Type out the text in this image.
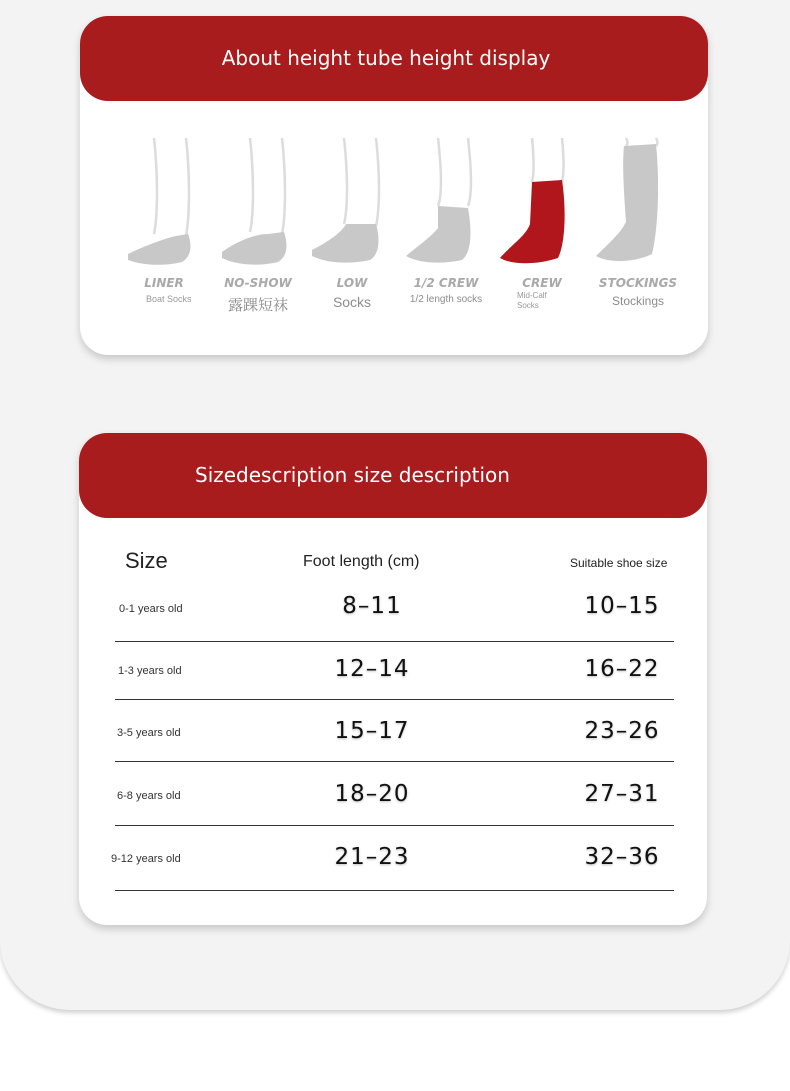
About height tube height display
LINER
Boat Socks
NO-SHOW
露踝短袜
LOW
Socks
1/2 CREW
1/2 length socks
CREW
Mid-Calf Socks
STOCKINGS
Stockings
Sizedescription size description
Size	Foot length (cm)	Suitable shoe size
0-1 years old	8–11	10–15
1-3 years old	12–14	16–22
3-5 years old	15–17	23–26
6-8 years old	18–20	27–31
9-12 years old	21–23	32–36
